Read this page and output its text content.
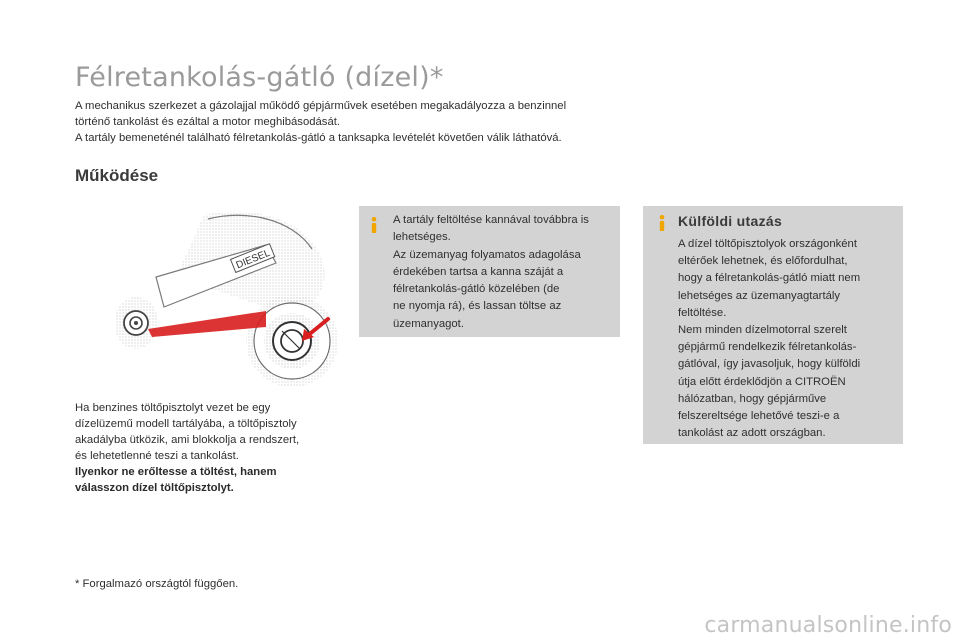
Félretankolás-gátló (dízel)*
A mechanikus szerkezet a gázolajjal működő gépjárművek esetében megakadályozza a benzinnel
történő tankolást és ezáltal a motor meghibásodását.
A tartály bemeneténél található félretankolás-gátló a tanksapka levételét követően válik láthatóvá.
Működése
DIESEL
Ha benzines töltőpisztolyt vezet be egy
dízelüzemű modell tartályába, a töltőpisztoly
akadályba ütközik, ami blokkolja a rendszert,
és lehetetlenné teszi a tankolást.
Ilyenkor ne erőltesse a töltést, hanem
válasszon dízel töltőpisztolyt.
* Forgalmazó országtól függően.
A tartály feltöltése kannával továbbra is
lehetséges.
Az üzemanyag folyamatos adagolása
érdekében tartsa a kanna száját a
félretankolás-gátló közelében (de
ne nyomja rá), és lassan töltse az
üzemanyagot.
Külföldi utazás
A dízel töltőpisztolyok országonként
eltérőek lehetnek, és előfordulhat,
hogy a félretankolás-gátló miatt nem
lehetséges az üzemanyagtartály
feltöltése.
Nem minden dízelmotorral szerelt
gépjármű rendelkezik félretankolás-
gátlóval, így javasoljuk, hogy külföldi
útja előtt érdeklődjön a CITROËN
hálózatban, hogy gépjárműve
felszereltsége lehetővé teszi-e a
tankolást az adott országban.
carmanualsonline.info
